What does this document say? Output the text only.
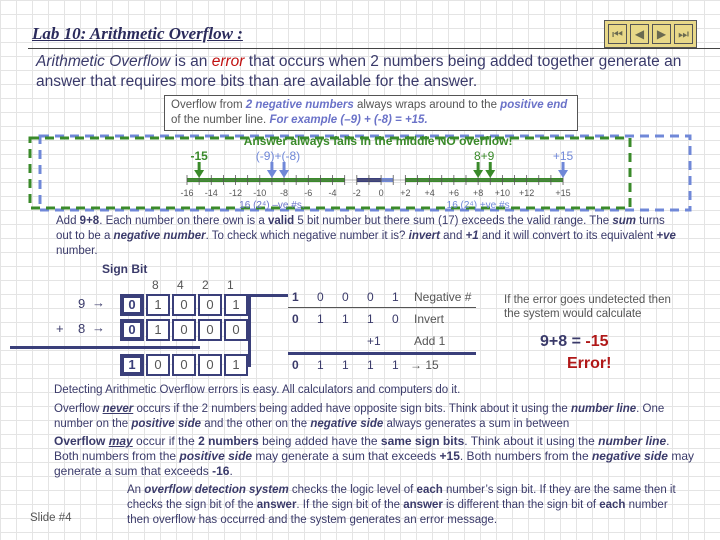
Lab 10: Arithmetic Overflow :	⏮ ◀ ▶ ⏭
Arithmetic Overflow is an error that occurs when 2 numbers being added together generate an answer that requires more bits than are available for the answer.
-16 -14 -12 -10 -8 -6 -4 -2 0 +2 +4 +6 +8 +10 +12 +15
Answer always falls in the middle NO overflow!
-15	(-9)+(-8)	8+9	+15
16 (2⁴) –ve #s.	16 (2⁴) +ve #s
Overflow from 2 negative numbers always wraps around to the positive end of the number line. For example (–9) + (-8) = +15.
Add 9+8. Each number on there own is a valid 5 bit number but there sum (17) exceeds the valid range. The sum turns out to be a negative number. To check which negative number it is? invert and +1 and it will convert to its equivalent +ve number.
Sign Bit
8 4 2 1
9 →	0	1	0	0	1
8 →	0	1	0	0	0
+
1	0	0	0	1
1 0 0 0 1 Negative #
0 1 1 1 0 Invert
+1	Add 1
0 1 1 1 1 → 15
If the error goes undetected then the system would calculate
9+8 = -15
Error!
Detecting Arithmetic Overflow errors is easy. All calculators and computers do it.
Overflow never occurs if the 2 numbers being added have opposite sign bits. Think about it using the number line. One number on the positive side and the other on the negative side always generates a sum in between
Overflow may occur if the 2 numbers being added have the same sign bits. Think about it using the number line. Both numbers from the positive side may generate a sum that exceeds +15. Both numbers from the negative side may generate a sum that exceeds -16.
An overflow detection system checks the logic level of each number’s sign bit. If they are the same then it checks the sign bit of the answer. If the sign bit of the answer is different than the sign bit of each number then overflow has occurred and the system generates an error message.
Slide #4
